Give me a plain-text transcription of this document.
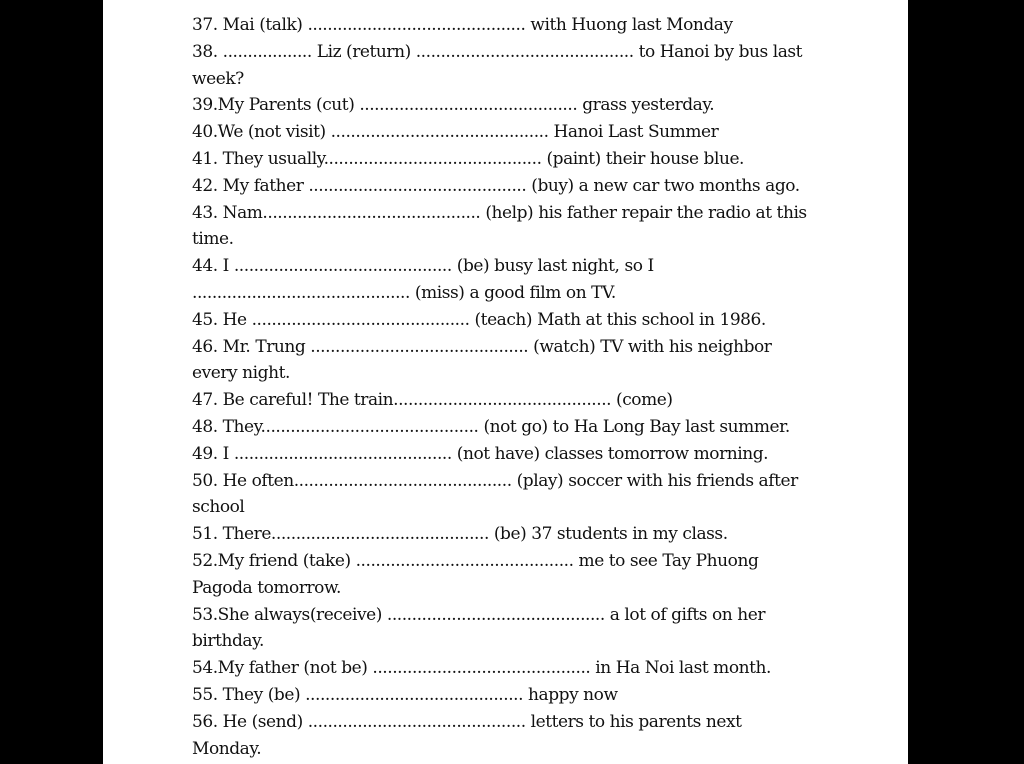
37. Mai (talk) ............................................ with Huong last Monday
38. .................. Liz (return) ............................................ to Hanoi by bus last
week?
39.My Parents (cut) ............................................ grass yesterday.
40.We (not visit) ............................................ Hanoi Last Summer
41. They usually............................................ (paint) their house blue.
42. My father ............................................ (buy) a new car two months ago.
43. Nam............................................ (help) his father repair the radio at this
time.
44. I ............................................ (be) busy last night, so I
............................................ (miss) a good film on TV.
45. He ............................................ (teach) Math at this school in 1986.
46. Mr. Trung ............................................ (watch) TV with his neighbor
every night.
47. Be careful! The train............................................ (come)
48. They............................................ (not go) to Ha Long Bay last summer.
49. I ............................................ (not have) classes tomorrow morning.
50. He often............................................ (play) soccer with his friends after
school
51. There............................................ (be) 37 students in my class.
52.My friend (take) ............................................ me to see Tay Phuong
Pagoda tomorrow.
53.She always(receive) ............................................ a lot of gifts on her
birthday.
54.My father (not be) ............................................ in Ha Noi last month.
55. They (be) ............................................ happy now
56. He (send) ............................................ letters to his parents next
Monday.
